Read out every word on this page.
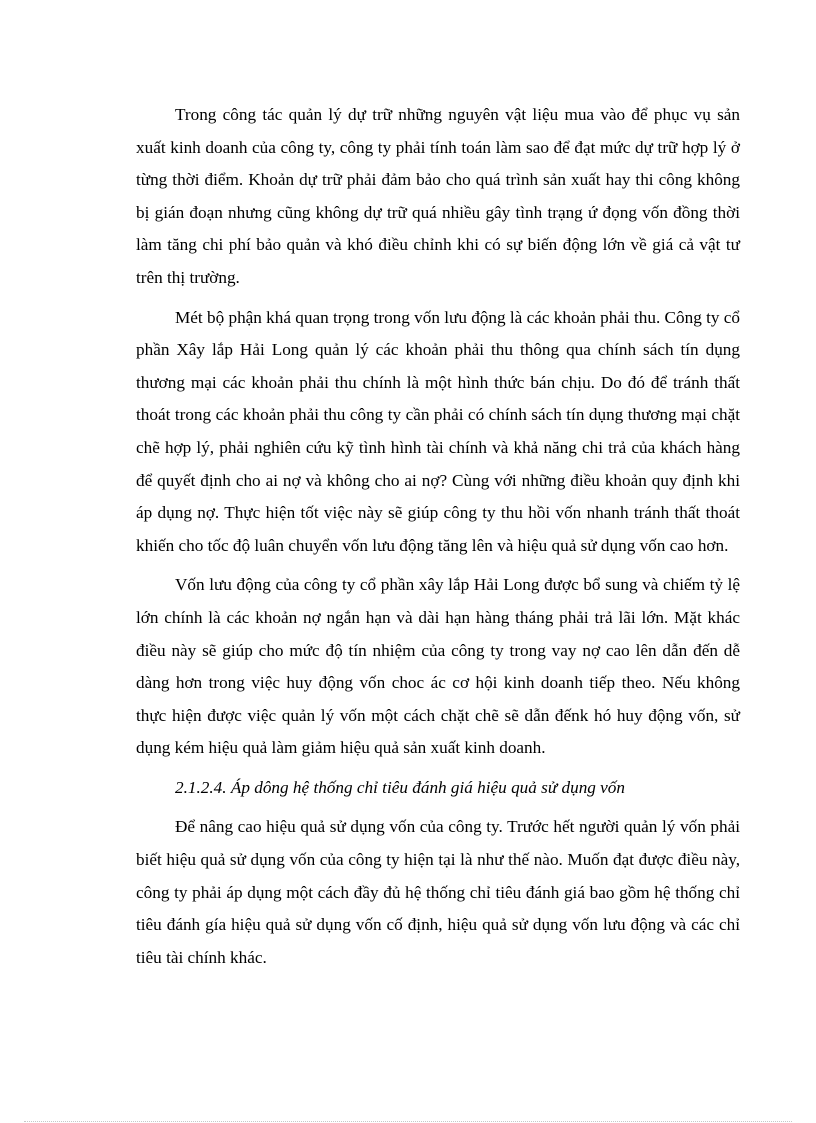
Trong công tác quản lý dự trữ những nguyên vật liệu mua vào để phục vụ sản xuất kinh doanh của công ty, công ty phải tính toán làm sao để đạt mức dự trữ hợp lý ở từng thời điểm. Khoản dự trữ phải đảm bảo cho quá trình sản xuất hay thi công không bị gián đoạn nhưng cũng không dự trữ quá nhiều gây tình trạng ứ đọng vốn đồng thời làm tăng chi phí bảo quản và khó điều chỉnh khi có sự biến động lớn về giá cả vật tư trên thị trường.

Mét bộ phận khá quan trọng trong vốn lưu động là các khoản phải thu. Công ty cổ phần Xây lắp Hải Long quản lý các khoản phải thu thông qua chính sách tín dụng thương mại các khoản phải thu chính là một hình thức bán chịu. Do đó để tránh thất thoát trong các khoản phải thu công ty cần phải có chính sách tín dụng thương mại chặt chẽ hợp lý, phải nghiên cứu kỹ tình hình tài chính và khả năng chi trả của khách hàng để quyết định cho ai nợ và không cho ai nợ? Cùng với những điều khoản quy định khi áp dụng nợ. Thực hiện tốt việc này sẽ giúp công ty thu hồi vốn nhanh tránh thất thoát khiến cho tốc độ luân chuyển vốn lưu động tăng lên và hiệu quả sử dụng vốn cao hơn.

Vốn lưu động của công ty cổ phần xây lắp Hải Long được bổ sung và chiếm tỷ lệ lớn chính là các khoản nợ ngắn hạn và dài hạn hàng tháng phải trả lãi lớn. Mặt khác điều này sẽ giúp cho mức độ tín nhiệm của công ty trong vay nợ cao lên dẫn đến dễ dàng hơn trong việc huy động vốn choc ác cơ hội kinh doanh tiếp theo. Nếu không thực hiện được việc quản lý vốn một cách chặt chẽ sẽ dẫn đếnk hó huy động vốn, sử dụng kém hiệu quả làm giảm hiệu quả sản xuất kinh doanh.

2.1.2.4. Áp dông hệ thống chỉ tiêu đánh giá hiệu quả sử dụng vốn

Để nâng cao hiệu quả sử dụng vốn của công ty. Trước hết người quản lý vốn phải biết hiệu quả sử dụng vốn của công ty hiện tại là như thế nào. Muốn đạt được điều này, công ty phải áp dụng một cách đầy đủ hệ thống chỉ tiêu đánh giá bao gồm hệ thống chỉ tiêu đánh gía hiệu quả sử dụng vốn cố định, hiệu quả sử dụng vốn lưu động và các chỉ tiêu tài chính khác.
